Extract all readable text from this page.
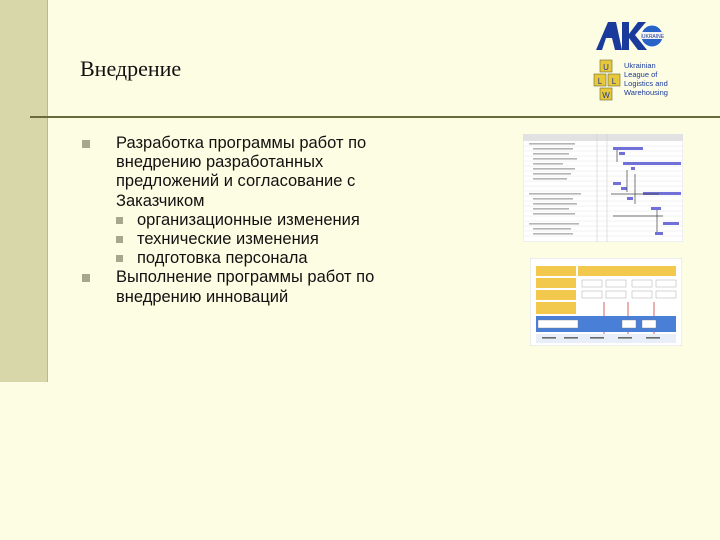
Внедрение
UKRAINE
U
L L
W
Ukrainian
League of
Logistics and
Warehousing

Разработка программы работ по внедрению разработанных предложений и согласование с Заказчиком

организационные изменения

технические изменения

подготовка персонала

Выполнение программы работ по внедрению инноваций
